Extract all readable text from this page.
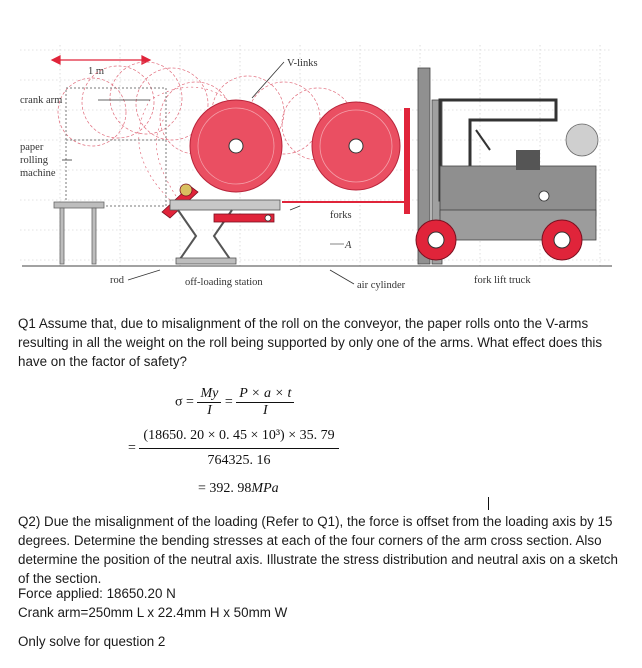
1 m
V-links
crank arm
paper
rolling
machine
forks
A
rod	off-loading station	air cylinder	fork lift truck

Q1 Assume that, due to misalignment of the roll on the conveyor, the paper rolls onto the V-arms resulting in all the weight on the roll being supported by only one of the arms. What effect does this have on the factor of safety?

$\sigma = \frac{My}{I} = \frac{P \times a \times t}{I}$
= $\frac{\text{(18650. 20 × 0. 45 × 10³) × 35. 79}}{764325. 16}$
= 392. 98MPa

Q2) Due the misalignment of the loading (Refer to Q1), the force is offset from the loading axis by 15 degrees. Determine the bending stresses at each of the four corners of the arm cross section. Also determine the position of the neutral axis. Illustrate the stress distribution and neutral axis on a sketch of the section.

Force applied: 18650.20 N

Crank arm=250mm L x 22.4mm H x 50mm W

Only solve for question 2
